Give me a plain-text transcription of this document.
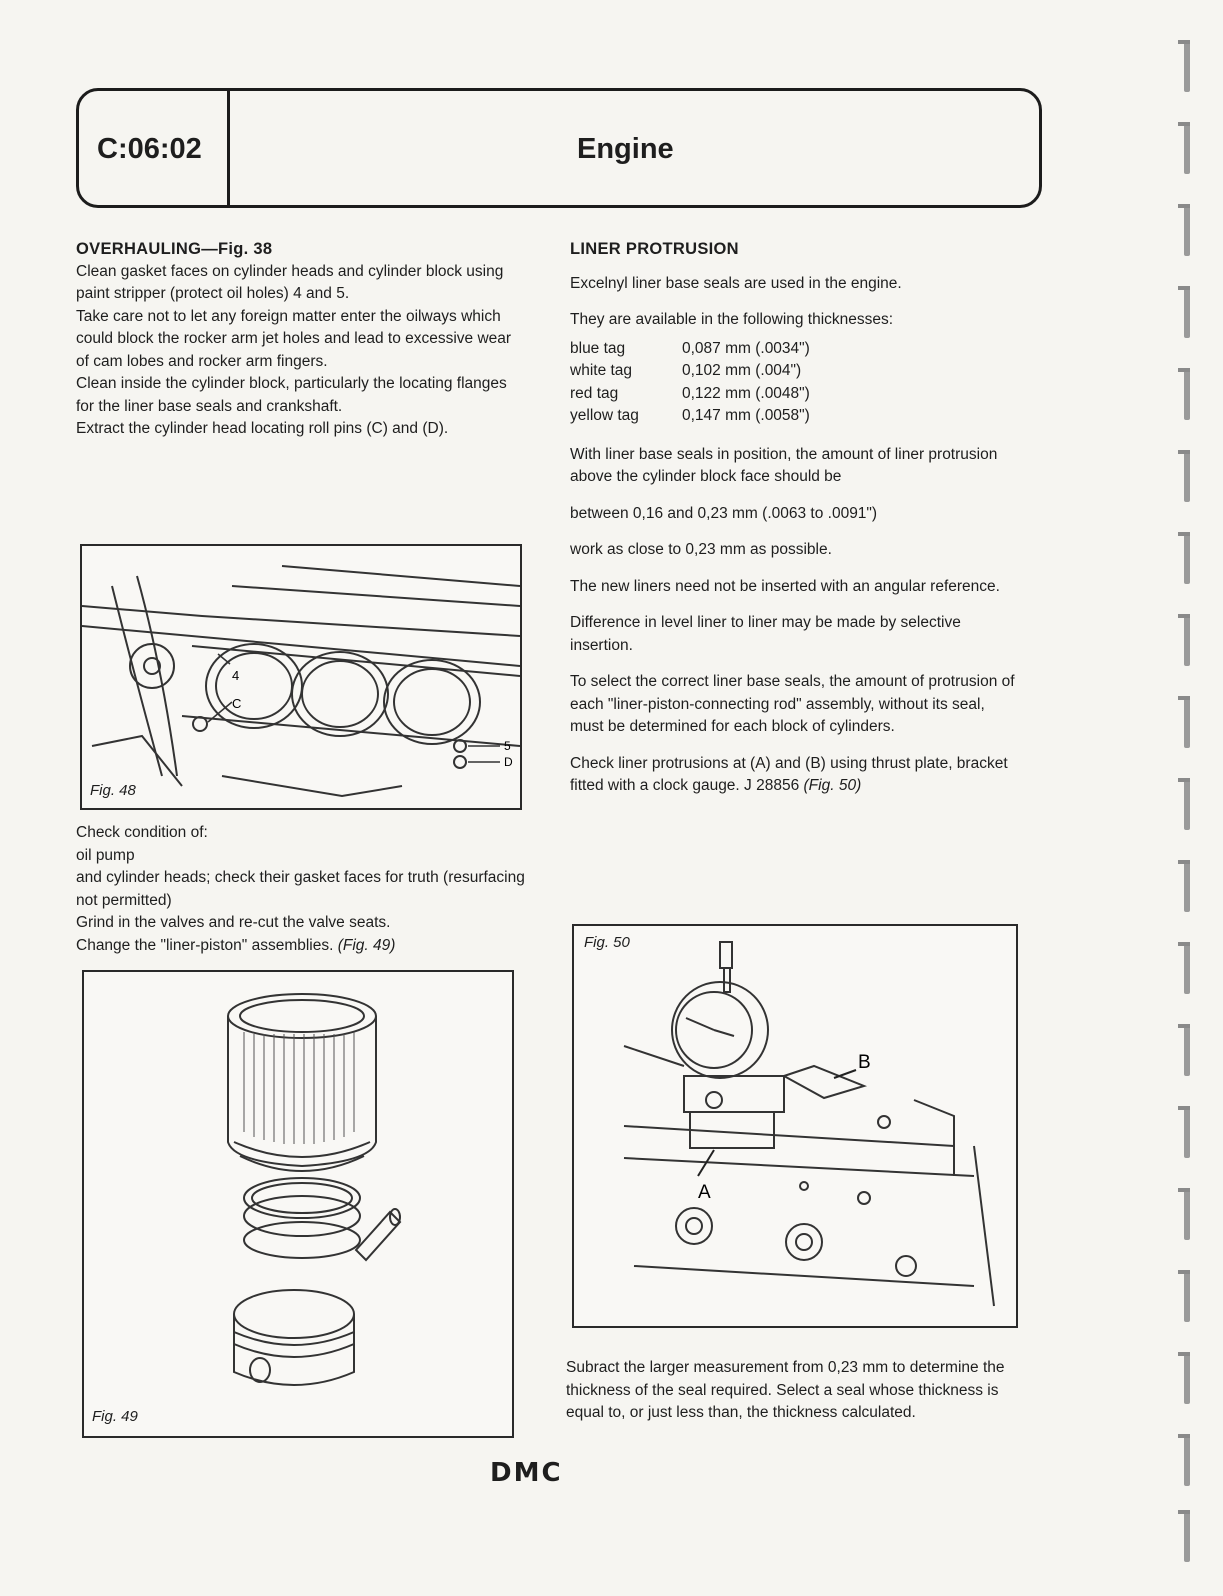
C:06:02	Engine

OVERHAULING—Fig. 38

Clean gasket faces on cylinder heads and cylinder block using paint stripper (protect oil holes) 4 and 5.

Take care not to let any foreign matter enter the oilways which could block the rocker arm jet holes and lead to excessive wear of cam lobes and rocker arm fingers.

Clean inside the cylinder block, particularly the locating flanges for the liner base seals and crankshaft.

Extract the cylinder head locating roll pins (C) and (D).

4
C
5
D
Fig. 48

Check condition of:

oil pump

and cylinder heads; check their gasket faces for truth (resurfacing not permitted)

Grind in the valves and re-cut the valve seats.

Change the "liner-piston" assemblies. (Fig. 49)

Fig. 49

LINER PROTRUSION

Excelnyl liner base seals are used in the engine.

They are available in the following thicknesses:

blue tag	0,087 mm (.0034")
white tag	0,102 mm (.004")
red tag	0,122 mm (.0048")
yellow tag	0,147 mm (.0058")

With liner base seals in position, the amount of liner protrusion above the cylinder block face should be

between 0,16 and 0,23 mm (.0063 to .0091")

work as close to 0,23 mm as possible.

The new liners need not be inserted with an angular reference.

Difference in level liner to liner may be made by selective insertion.

To select the correct liner base seals, the amount of protrusion of each "liner-piston-connecting rod" assembly, without its seal, must be determined for each block of cylinders.

Check liner protrusions at (A) and (B) using thrust plate, bracket fitted with a clock gauge. J 28856 (Fig. 50)

B
A
Fig. 50
Subract the larger measurement from 0,23 mm to determine the thickness of the seal required. Select a seal whose thickness is equal to, or just less than, the thickness calculated.
DMC
